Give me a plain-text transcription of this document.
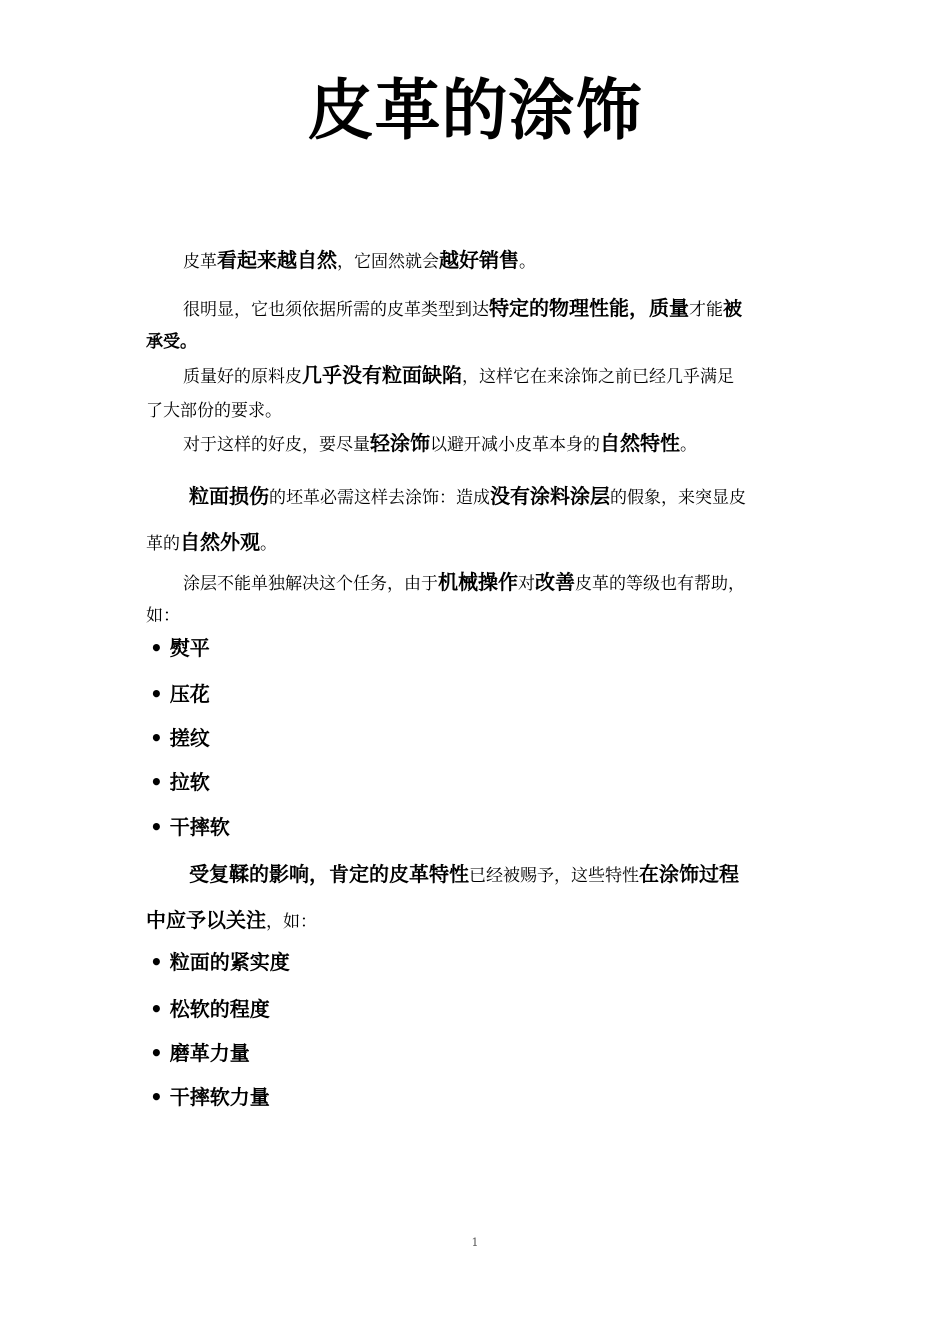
皮革的涂饰

皮革看起来越自然，它固然就会越好销售。

很明显，它也须依据所需的皮革类型到达特定的物理性能，质量才能被
承受。

质量好的原料皮几乎没有粒面缺陷，这样它在来涂饰之前已经几乎满足
了大部份的要求。

对于这样的好皮，要尽量轻涂饰以避开减小皮革本身的自然特性。

粒面损伤的坯革必需这样去涂饰：造成没有涂料涂层的假象，来突显皮
革的自然外观。

涂层不能单独解决这个任务，由于机械操作对改善皮革的等级也有帮助，
如：

• 熨平
• 压花
• 搓纹
• 拉软
• 干摔软

受复鞣的影响，肯定的皮革特性已经被赐予，这些特性在涂饰过程
中应予以关注，如：

• 粒面的紧实度
• 松软的程度
• 磨革力量
• 干摔软力量
1
